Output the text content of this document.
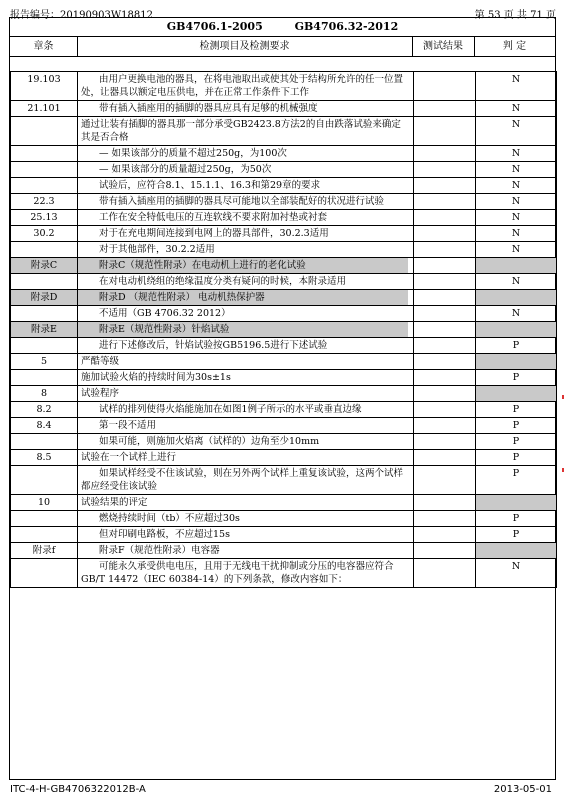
报告编号：20190903W18812	第 53 页 共 71 页
GB4706.1-2005	GB4706.32-2012
章条	检测项目及检测要求	测试结果	判 定
19.103	由用户更换电池的器具，在将电池取出或使其处于结构所允许的任一位置处，让器具以额定电压供电，并在正常工作条件下工作			N
21.101	带有插入插座用的插脚的器具应具有足够的机械强度			N
	通过让装有插脚的器具那一部分承受GB2423.8方法2的自由跌落试验来确定其是否合格			N
	— 如果该部分的质量不超过250g，为100次			N
	— 如果该部分的质量超过250g，为50次			N
	试验后，应符合8.1、15.1.1、16.3和第29章的要求			N
22.3	带有插入插座用的插脚的器具尽可能地以全部装配好的状况进行试验			N
25.13	工作在安全特低电压的互连软线不要求附加衬垫或衬套			N
30.2	对于在充电期间连接到电网上的器具部件，30.2.3适用			N
	对于其他部件，30.2.2适用			N
附录C	附录C（规范性附录）在电动机上进行的老化试验			
	在对电动机绕组的绝缘温度分类有疑问的时候，本附录适用			N
附录D	附录D （规范性附录） 电动机热保护器			
	不适用（GB 4706.32 2012）			N
附录E	附录E（规范性附录）针焰试验			
	进行下述修改后，针焰试验按GB5196.5进行下述试验			P
5	严酷等级			
	施加试验火焰的持续时间为30s±1s			P
8	试验程序			
8.2	试样的排列使得火焰能施加在如图1例子所示的水平或垂直边缘			P
8.4	第一段不适用			P
	如果可能，则施加火焰离（试样的）边角至少10mm			P
8.5	试验在一个试样上进行			P
	如果试样经受不住该试验，则在另外两个试样上重复该试验，这两个试样都应经受住该试验			P
10	试验结果的评定			
	燃烧持续时间（tb）不应超过30s			P
	但对印刷电路板，不应超过15s			P
附录f	附录F（规范性附录）电容器			
	可能永久承受供电电压，且用于无线电干扰抑制或分压的电容器应符合GB/T 14472（IEC 60384-14）的下列条款，修改内容如下：			N
ITC-4-H-GB4706322012B-A	2013-05-01
